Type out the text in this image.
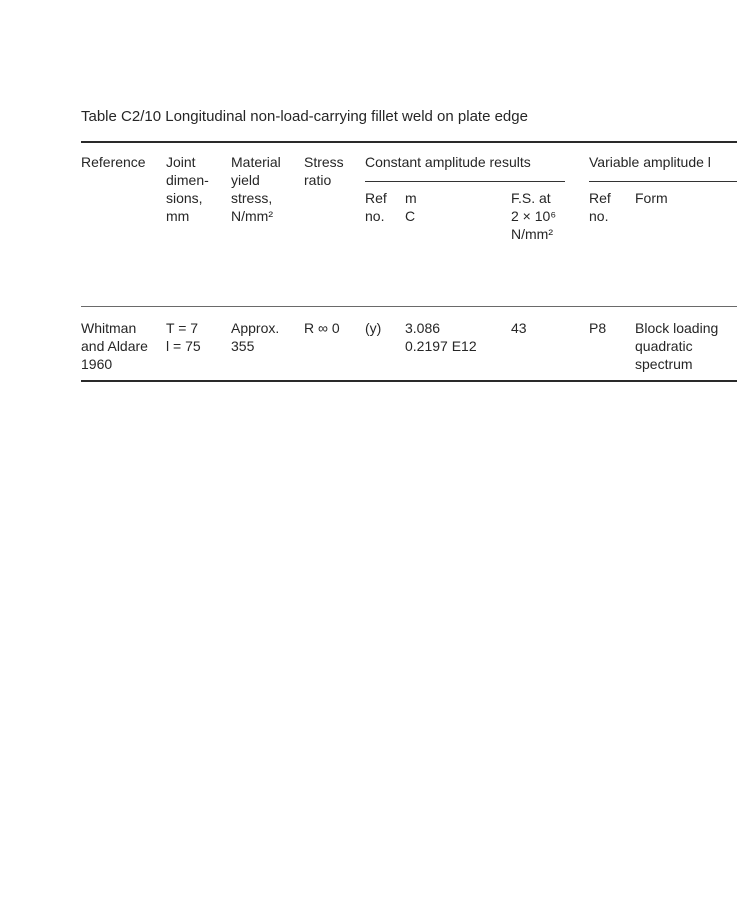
Table C2/10 Longitudinal non-load-carrying fillet weld on plate edge
Reference Joint
dimen-
sions,
mm
Material
yield
stress,
N/mm²
Stress
ratio
Constant amplitude results
Ref
no.
m
C
F.S. at
2 × 10⁶
N/mm²
Variable amplitude l
Ref
no.
Form
Whitman
and Aldare
1960
T = 7
l = 75
Approx.
355
R ∞ 0 (y) 3.086
0.2197 E12
43	P8 Block loading
quadratic
spectrum
